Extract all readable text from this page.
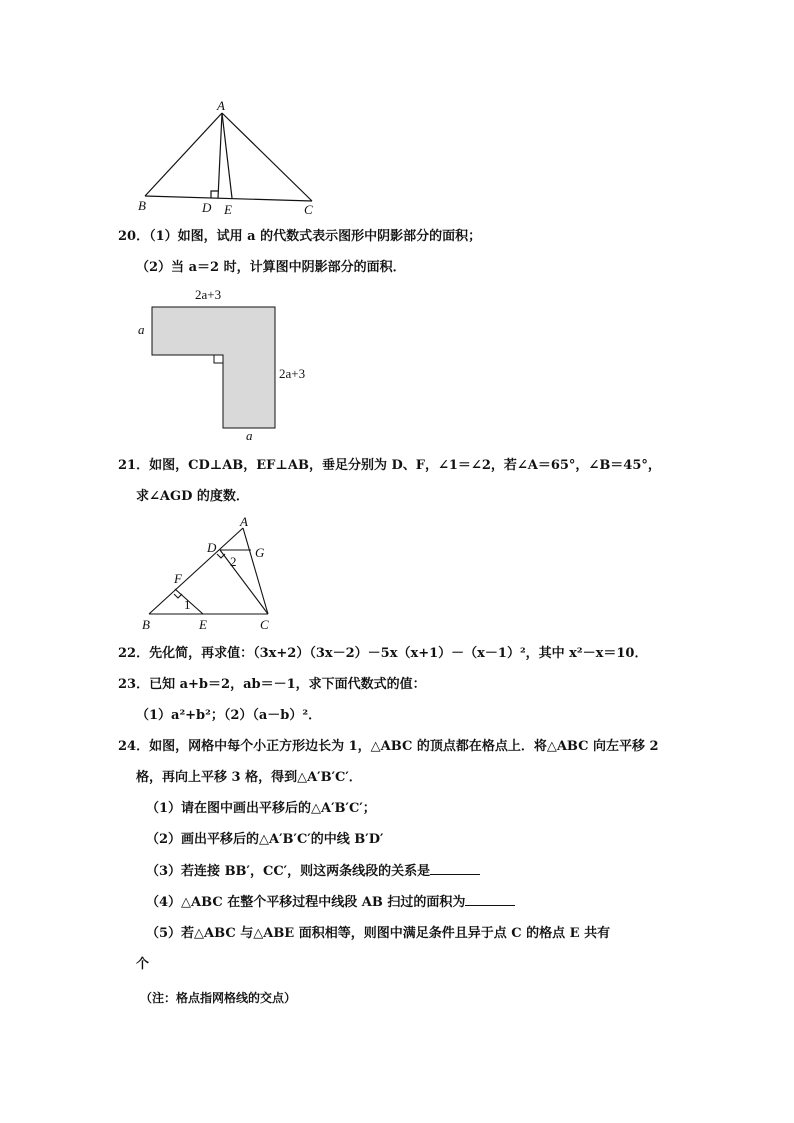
A
B	C
D E
20．（1）如图，试用 a 的代数式表示图形中阴影部分的面积；
（2）当 a＝2 时，计算图中阴影部分的面积．
2a+3
a
2a+3
a
21．如图，CD⊥AB，EF⊥AB，垂足分别为 D、F，∠1＝∠2，若∠A＝65°，∠B＝45°，
求∠AGD 的度数．
A
D	G
F
B	E	C
1
2
22．先化简，再求值：（3x+2）（3x－2）－5x（x+1）－（x－1）²，其中 x²－x＝10．
23．已知 a+b＝2，ab＝－1，求下面代数式的值：
（1）a²+b²；（2）（a－b）²．
24．如图，网格中每个小正方形边长为 1，△ABC 的顶点都在格点上．将△ABC 向左平移 2
格，再向上平移 3 格，得到△A′B′C′．
（1）请在图中画出平移后的△A′B′C′；
（2）画出平移后的△A′B′C′的中线 B′D′
（3）若连接 BB′，CC′，则这两条线段的关系是
（4）△ABC 在整个平移过程中线段 AB 扫过的面积为
（5）若△ABC 与△ABE 面积相等，则图中满足条件且异于点 C 的格点 E 共有
个
（注：格点指网格线的交点）
